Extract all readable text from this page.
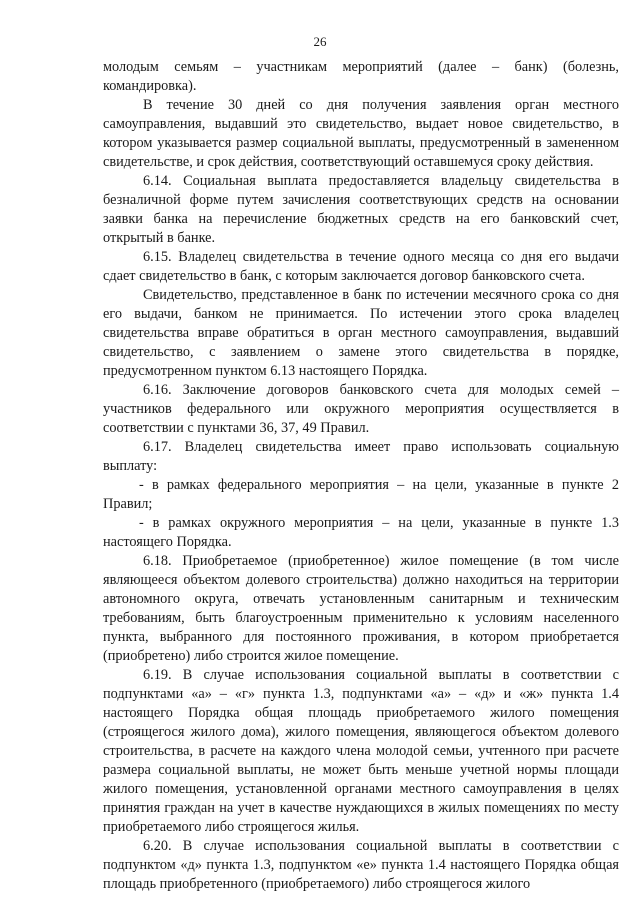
26

молодым семьям – участникам мероприятий (далее – банк) (болезнь, командировка).

В течение 30 дней со дня получения заявления орган местного самоуправления, выдавший это свидетельство, выдает новое свидетельство, в котором указывается размер социальной выплаты, предусмотренный в замененном свидетельстве, и срок действия, соответствующий оставшемуся сроку действия.

6.14. Социальная выплата предоставляется владельцу свидетельства в безналичной форме путем зачисления соответствующих средств на основании заявки банка на перечисление бюджетных средств на его банковский счет, открытый в банке.

6.15. Владелец свидетельства в течение одного месяца со дня его выдачи сдает свидетельство в банк, с которым заключается договор банковского счета.

Свидетельство, представленное в банк по истечении месячного срока со дня его выдачи, банком не принимается. По истечении этого срока владелец свидетельства вправе обратиться в орган местного самоуправления, выдавший свидетельство, с заявлением о замене этого свидетельства в порядке, предусмотренном пунктом 6.13 настоящего Порядка.

6.16. Заключение договоров банковского счета для молодых семей – участников федерального или окружного мероприятия осуществляется в соответствии с пунктами 36, 37, 49 Правил.

6.17. Владелец свидетельства имеет право использовать социальную выплату:

- в рамках федерального мероприятия – на цели, указанные в пункте 2 Правил;

- в рамках окружного мероприятия – на цели, указанные в пункте 1.3 настоящего Порядка.

6.18. Приобретаемое (приобретенное) жилое помещение (в том числе являющееся объектом долевого строительства) должно находиться на территории автономного округа, отвечать установленным санитарным и техническим требованиям, быть благоустроенным применительно к условиям населенного пункта, выбранного для постоянного проживания, в котором приобретается (приобретено) либо строится жилое помещение.

6.19. В случае использования социальной выплаты в соответствии с подпунктами «а» – «г» пункта 1.3, подпунктами «а» – «д» и «ж» пункта 1.4 настоящего Порядка общая площадь приобретаемого жилого помещения (строящегося жилого дома), жилого помещения, являющегося объектом долевого строительства, в расчете на каждого члена молодой семьи, учтенного при расчете размера социальной выплаты, не может быть меньше учетной нормы площади жилого помещения, установленной органами местного самоуправления в целях принятия граждан на учет в качестве нуждающихся в жилых помещениях по месту приобретаемого либо строящегося жилья.

6.20. В случае использования социальной выплаты в соответствии с подпунктом «д» пункта 1.3, подпунктом «е» пункта 1.4 настоящего Порядка общая площадь приобретенного (приобретаемого) либо строящегося жилого
